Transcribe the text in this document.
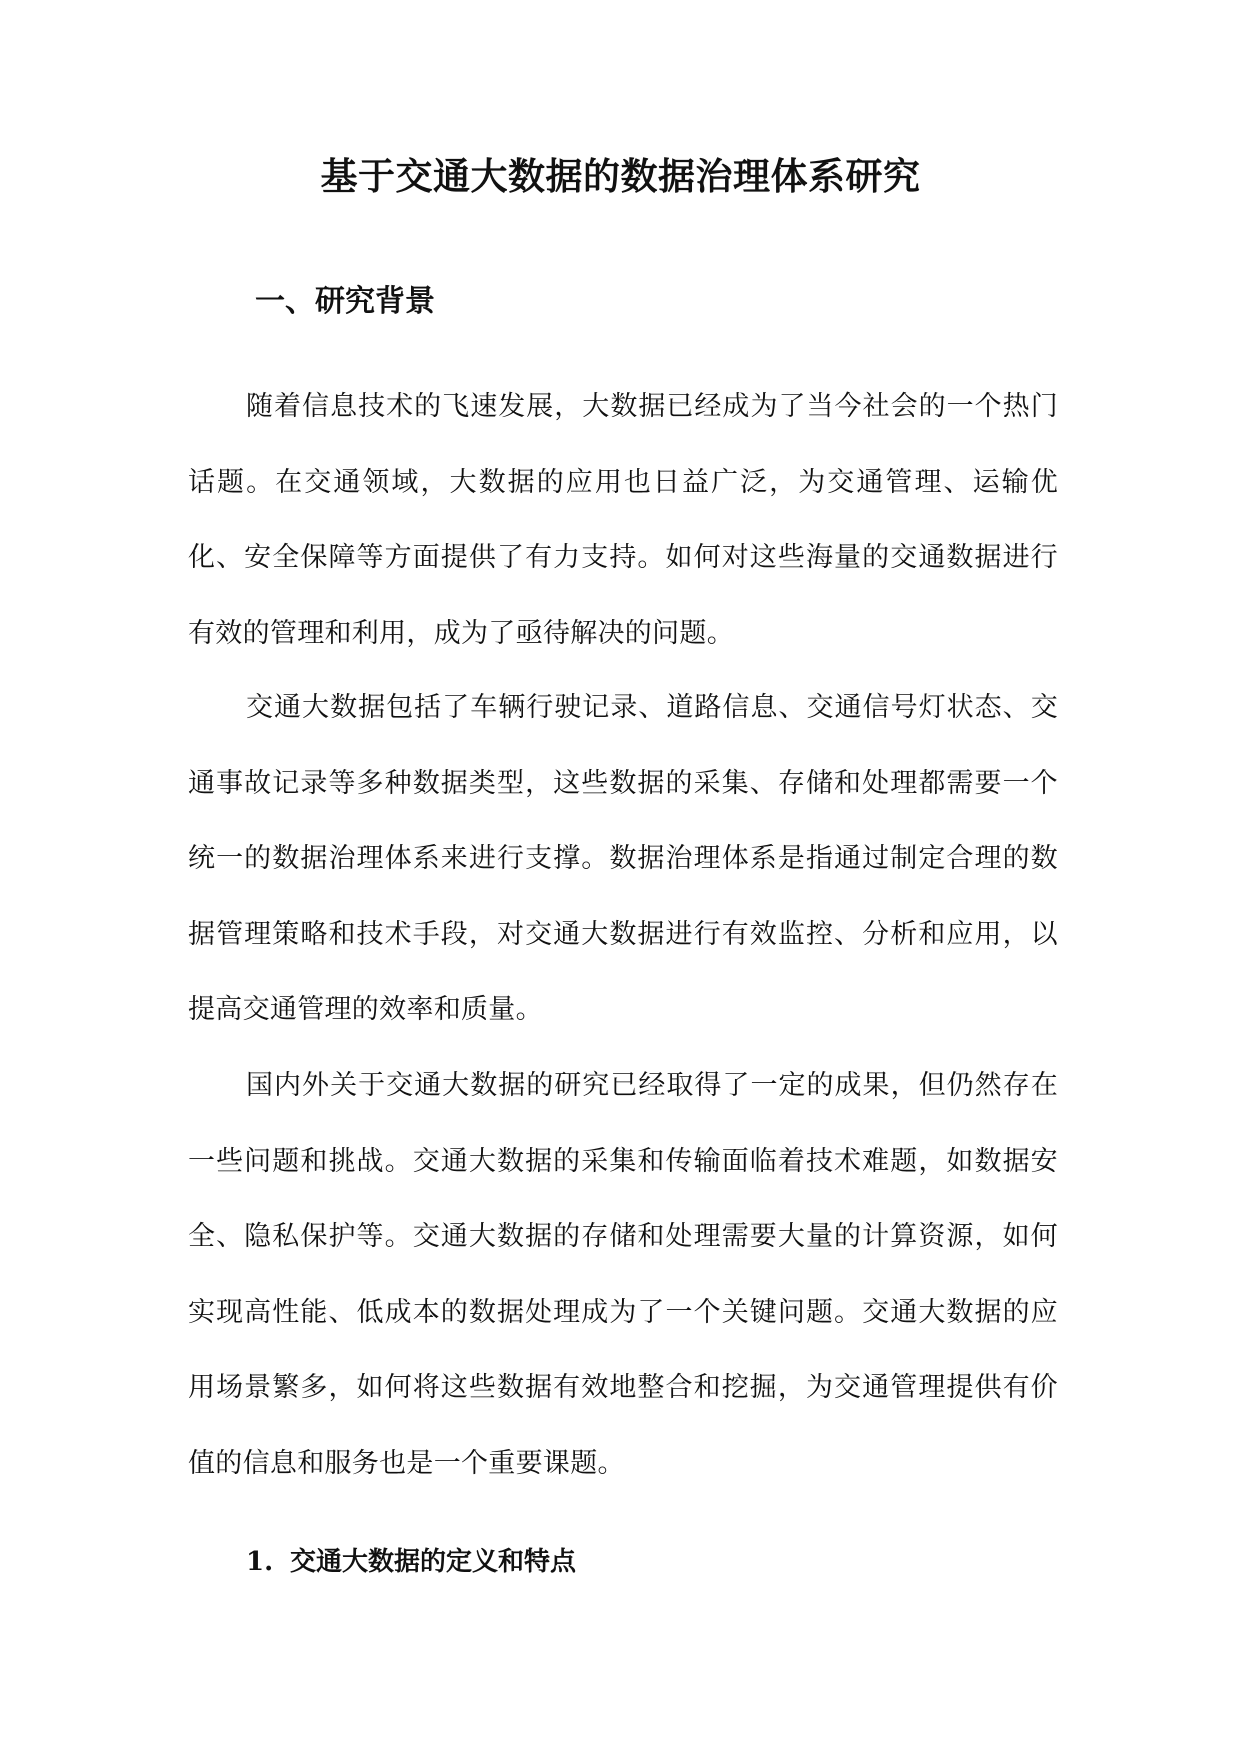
基于交通大数据的数据治理体系研究
一、研究背景

随着信息技术的飞速发展，大数据已经成为了当今社会的一个热门话题。在交通领域，大数据的应用也日益广泛，为交通管理、运输优化、安全保障等方面提供了有力支持。如何对这些海量的交通数据进行有效的管理和利用，成为了亟待解决的问题。

交通大数据包括了车辆行驶记录、道路信息、交通信号灯状态、交通事故记录等多种数据类型，这些数据的采集、存储和处理都需要一个统一的数据治理体系来进行支撑。数据治理体系是指通过制定合理的数据管理策略和技术手段，对交通大数据进行有效监控、分析和应用，以提高交通管理的效率和质量。

国内外关于交通大数据的研究已经取得了一定的成果，但仍然存在一些问题和挑战。交通大数据的采集和传输面临着技术难题，如数据安全、隐私保护等。交通大数据的存储和处理需要大量的计算资源，如何实现高性能、低成本的数据处理成为了一个关键问题。交通大数据的应用场景繁多，如何将这些数据有效地整合和挖掘，为交通管理提供有价值的信息和服务也是一个重要课题。

1. 交通大数据的定义和特点
